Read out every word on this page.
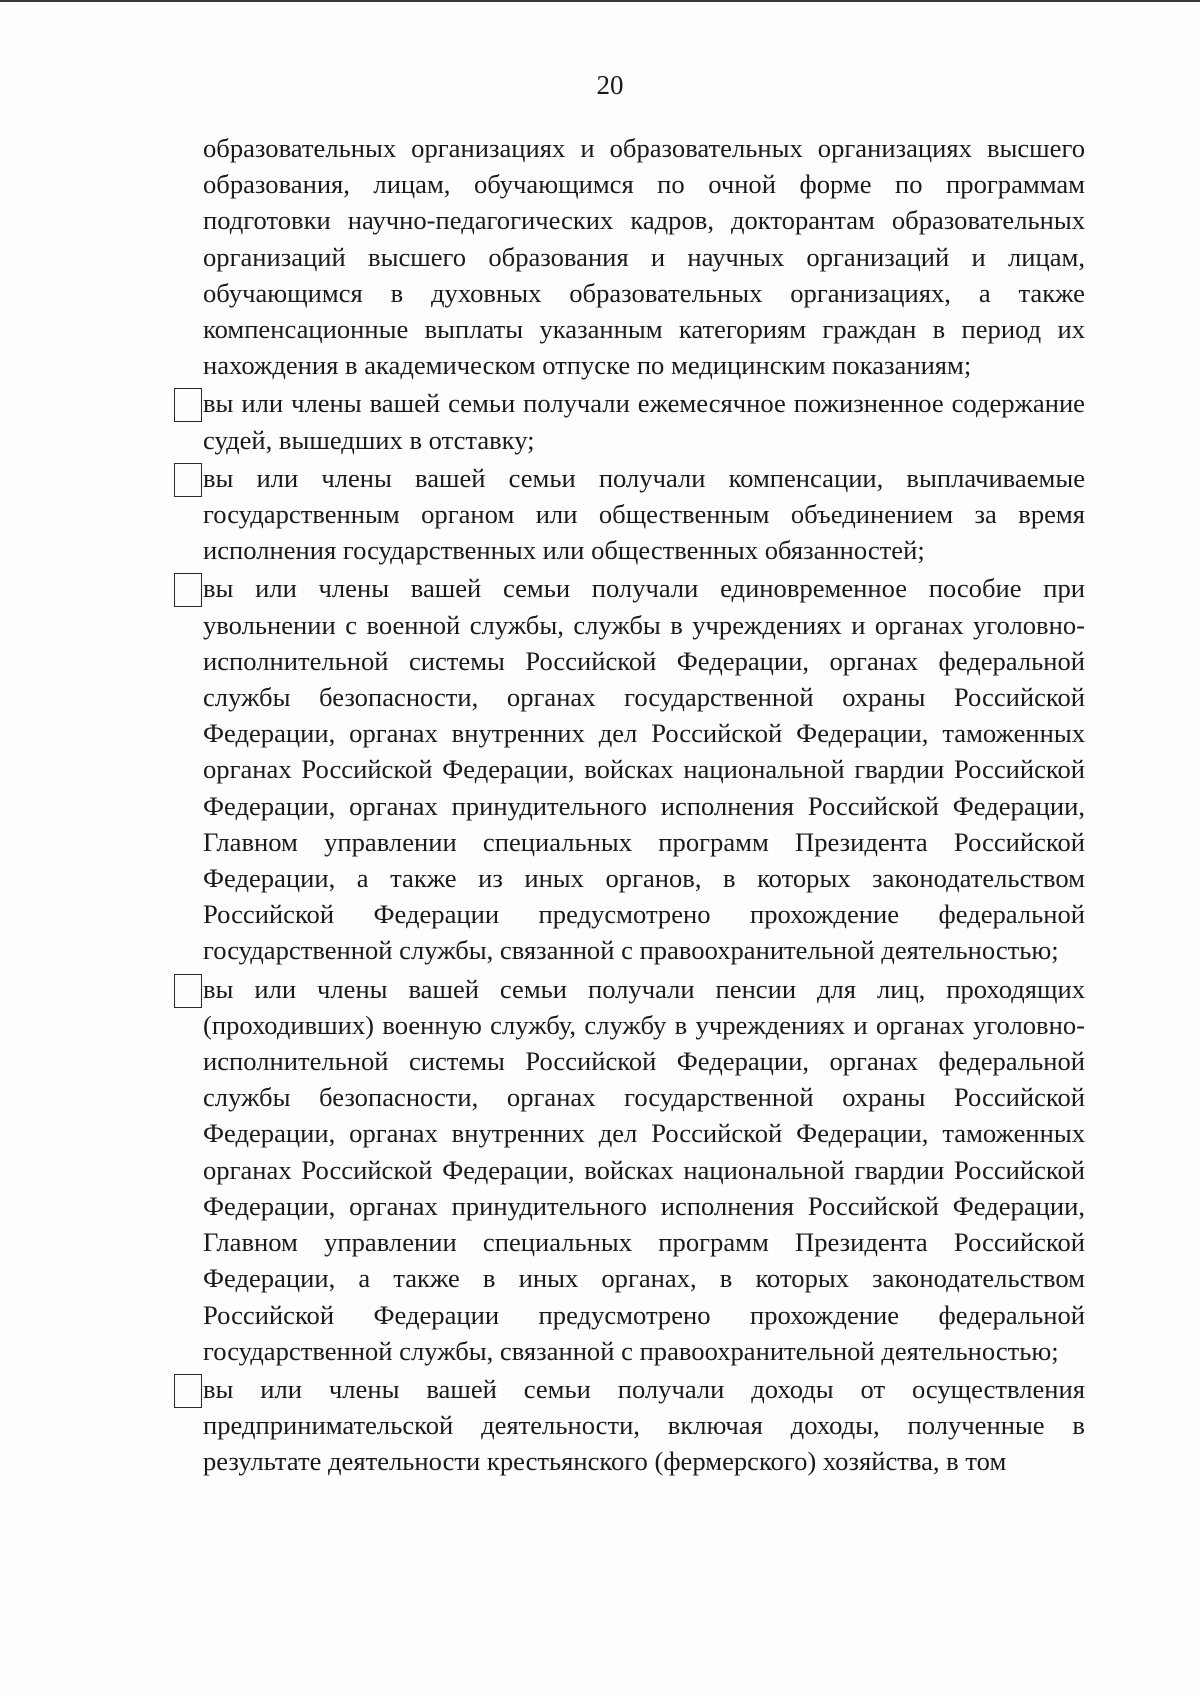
20

образовательных организациях и образовательных организациях высшего образования, лицам, обучающимся по очной форме по программам подготовки научно-педагогических кадров, докторантам образовательных организаций высшего образования и научных организаций и лицам, обучающимся в духовных образовательных организациях, а также компенсационные выплаты указанным категориям граждан в период их нахождения в академическом отпуске по медицинским показаниям;

вы или члены вашей семьи получали ежемесячное пожизненное содержание судей, вышедших в отставку;
вы или члены вашей семьи получали компенсации, выплачиваемые государственным органом или общественным объединением за время исполнения государственных или общественных обязанностей;
вы или члены вашей семьи получали единовременное пособие при увольнении с военной службы, службы в учреждениях и органах уголовно-исполнительной системы Российской Федерации, органах федеральной службы безопасности, органах государственной охраны Российской Федерации, органах внутренних дел Российской Федерации, таможенных органах Российской Федерации, войсках национальной гвардии Российской Федерации, органах принудительного исполнения Российской Федерации, Главном управлении специальных программ Президента Российской Федерации, а также из иных органов, в которых законодательством Российской Федерации предусмотрено прохождение федеральной государственной службы, связанной с правоохранительной деятельностью;
вы или члены вашей семьи получали пенсии для лиц, проходящих (проходивших) военную службу, службу в учреждениях и органах уголовно-исполнительной системы Российской Федерации, органах федеральной службы безопасности, органах государственной охраны Российской Федерации, органах внутренних дел Российской Федерации, таможенных органах Российской Федерации, войсках национальной гвардии Российской Федерации, органах принудительного исполнения Российской Федерации, Главном управлении специальных программ Президента Российской Федерации, а также в иных органах, в которых законодательством Российской Федерации предусмотрено прохождение федеральной государственной службы, связанной с правоохранительной деятельностью;
вы или члены вашей семьи получали доходы от осуществления предпринимательской деятельности, включая доходы, полученные в результате деятельности крестьянского (фермерского) хозяйства, в том
